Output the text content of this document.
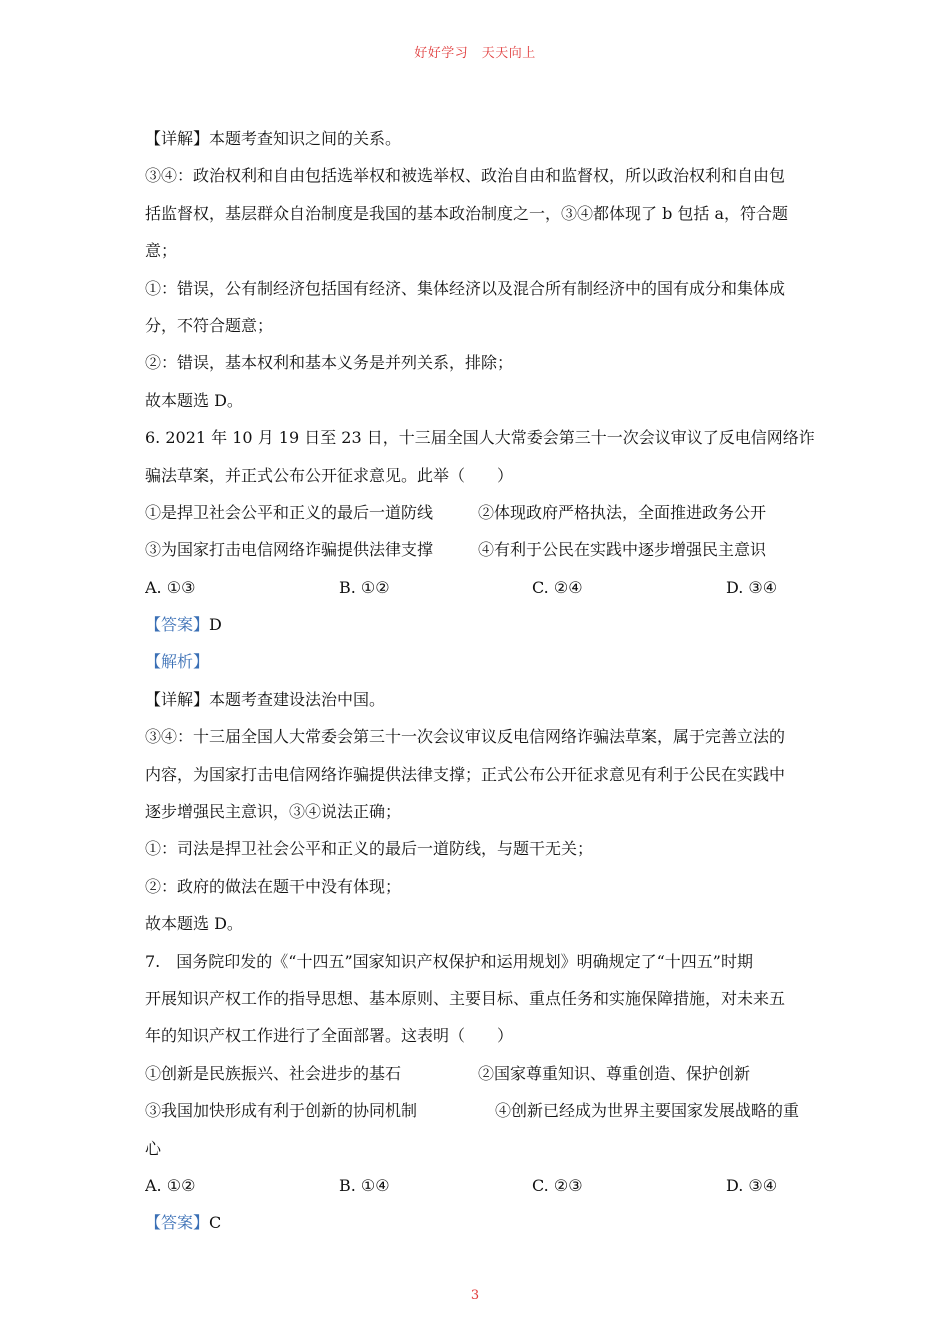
好好学习　天天向上
【详解】本题考查知识之间的关系。
③④：政治权利和自由包括选举权和被选举权、政治自由和监督权，所以政治权利和自由包
括监督权，基层群众自治制度是我国的基本政治制度之一，③④都体现了 b 包括 a，符合题
意；
①：错误，公有制经济包括国有经济、集体经济以及混合所有制经济中的国有成分和集体成
分，不符合题意；
②：错误，基本权利和基本义务是并列关系，排除；
故本题选 D。
6. 2021 年 10 月 19 日至 23 日，十三届全国人大常委会第三十一次会议审议了反电信网络诈
骗法草案，并正式公布公开征求意见。此举（　　）
①是捍卫社会公平和正义的最后一道防线	②体现政府严格执法，全面推进政务公开
③为国家打击电信网络诈骗提供法律支撑	④有利于公民在实践中逐步增强民主意识
A. ①③	B. ①②	C. ②④	D. ③④
【答案】D
【解析】
【详解】本题考查建设法治中国。
③④：十三届全国人大常委会第三十一次会议审议反电信网络诈骗法草案，属于完善立法的
内容，为国家打击电信网络诈骗提供法律支撑；正式公布公开征求意见有利于公民在实践中
逐步增强民主意识，③④说法正确；
①：司法是捍卫社会公平和正义的最后一道防线，与题干无关；
②：政府的做法在题干中没有体现；
故本题选 D。
7.　国务院印发的《“十四五”国家知识产权保护和运用规划》明确规定了“十四五”时期
开展知识产权工作的指导思想、基本原则、主要目标、重点任务和实施保障措施，对未来五
年的知识产权工作进行了全面部署。这表明（　　）
①创新是民族振兴、社会进步的基石	②国家尊重知识、尊重创造、保护创新
③我国加快形成有利于创新的协同机制	④创新已经成为世界主要国家发展战略的重
心
A. ①②	B. ①④	C. ②③	D. ③④
【答案】C
3
